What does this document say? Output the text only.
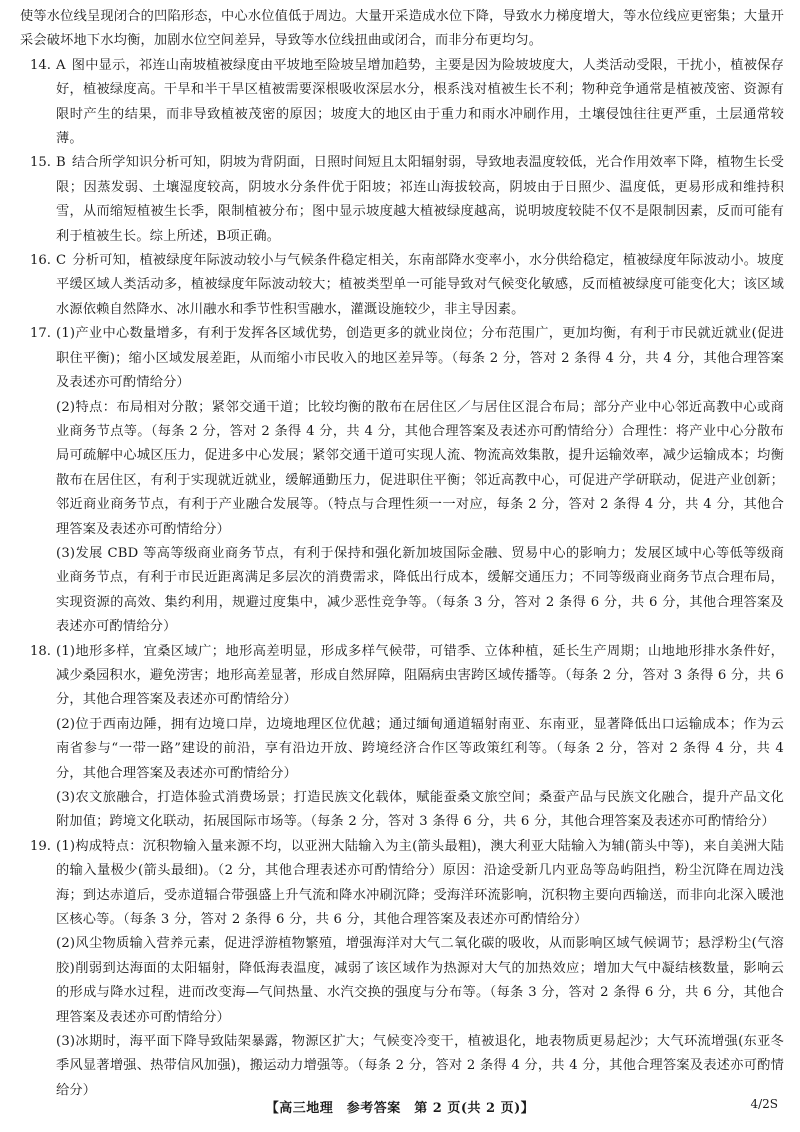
使等水位线呈现闭合的凹陷形态，中心水位值低于周边。大量开采造成水位下降，导致水力梯度增大，等水位线应更密集；大量开采会破坏地下水均衡，加剧水位空间差异，导致等水位线扭曲或闭合，而非分布更均匀。

14. A 图中显示，祁连山南坡植被绿度由平坡地至险坡呈增加趋势，主要是因为险坡坡度大，人类活动受限，干扰小，植被保存好，植被绿度高。干旱和半干旱区植被需要深根吸收深层水分，根系浅对植被生长不利；物种竞争通常是植被茂密、资源有限时产生的结果，而非导致植被茂密的原因；坡度大的地区由于重力和雨水冲刷作用，土壤侵蚀往往更严重，土层通常较薄。

15. B 结合所学知识分析可知，阴坡为背阴面，日照时间短且太阳辐射弱，导致地表温度较低，光合作用效率下降，植物生长受限；因蒸发弱、土壤湿度较高，阴坡水分条件优于阳坡；祁连山海拔较高，阴坡由于日照少、温度低，更易形成和维持积雪，从而缩短植被生长季，限制植被分布；图中显示坡度越大植被绿度越高，说明坡度较陡不仅不是限制因素，反而可能有利于植被生长。综上所述，B项正确。

16. C 分析可知，植被绿度年际波动较小与气候条件稳定相关，东南部降水变率小，水分供给稳定，植被绿度年际波动小。坡度平缓区域人类活动多，植被绿度年际波动较大；植被类型单一可能导致对气候变化敏感，反而植被绿度可能变化大；该区域水源依赖自然降水、冰川融水和季节性积雪融水，灌溉设施较少，非主导因素。

17. (1)产业中心数量增多，有利于发挥各区域优势，创造更多的就业岗位；分布范围广，更加均衡，有利于市民就近就业(促进职住平衡)；缩小区域发展差距，从而缩小市民收入的地区差异等。（每条 2 分，答对 2 条得 4 分，共 4 分，其他合理答案及表述亦可酌情给分）

(2)特点：布局相对分散；紧邻交通干道；比较均衡的散布在居住区／与居住区混合布局；部分产业中心邻近高教中心或商业商务节点等。（每条 2 分，答对 2 条得 4 分，共 4 分，其他合理答案及表述亦可酌情给分）合理性：将产业中心分散布局可疏解中心城区压力，促进多中心发展；紧邻交通干道可实现人流、物流高效集散，提升运输效率，减少运输成本；均衡散布在居住区，有利于实现就近就业，缓解通勤压力，促进职住平衡；邻近高教中心，可促进产学研联动，促进产业创新；邻近商业商务节点，有利于产业融合发展等。（特点与合理性须一一对应，每条 2 分，答对 2 条得 4 分，共 4 分，其他合理答案及表述亦可酌情给分）

(3)发展 CBD 等高等级商业商务节点，有利于保持和强化新加坡国际金融、贸易中心的影响力；发展区域中心等低等级商业商务节点，有利于市民近距离满足多层次的消费需求，降低出行成本，缓解交通压力；不同等级商业商务节点合理布局，实现资源的高效、集约利用，规避过度集中，减少恶性竞争等。（每条 3 分，答对 2 条得 6 分，共 6 分，其他合理答案及表述亦可酌情给分）

18. (1)地形多样，宜桑区域广；地形高差明显，形成多样气候带，可错季、立体种植，延长生产周期；山地地形排水条件好，减少桑园积水，避免涝害；地形高差显著，形成自然屏障，阻隔病虫害跨区域传播等。（每条 2 分，答对 3 条得 6 分，共 6 分，其他合理答案及表述亦可酌情给分）

(2)位于西南边陲，拥有边境口岸，边境地理区位优越；通过缅甸通道辐射南亚、东南亚，显著降低出口运输成本；作为云南省参与“一带一路”建设的前沿，享有沿边开放、跨境经济合作区等政策红利等。（每条 2 分，答对 2 条得 4 分，共 4 分，其他合理答案及表述亦可酌情给分）

(3)农文旅融合，打造体验式消费场景；打造民族文化载体，赋能蚕桑文旅空间；桑蚕产品与民族文化融合，提升产品文化附加值；跨境文化联动，拓展国际市场等。（每条 2 分，答对 3 条得 6 分，共 6 分，其他合理答案及表述亦可酌情给分）

19. (1)构成特点：沉积物输入量来源不均，以亚洲大陆输入为主(箭头最粗)，澳大利亚大陆输入为辅(箭头中等)，来自美洲大陆的输入量极少(箭头最细)。（2 分，其他合理表述亦可酌情给分）原因：沿途受新几内亚岛等岛屿阻挡，粉尘沉降在周边浅海；到达赤道后，受赤道辐合带强盛上升气流和降水冲刷沉降；受海洋环流影响，沉积物主要向西输送，而非向北深入暖池区核心等。（每条 3 分，答对 2 条得 6 分，共 6 分，其他合理答案及表述亦可酌情给分）

(2)风尘物质输入营养元素，促进浮游植物繁殖，增强海洋对大气二氧化碳的吸收，从而影响区域气候调节；悬浮粉尘(气溶胶)削弱到达海面的太阳辐射，降低海表温度，减弱了该区域作为热源对大气的加热效应；增加大气中凝结核数量，影响云的形成与降水过程，进而改变海—气间热量、水汽交换的强度与分布等。（每条 3 分，答对 2 条得 6 分，共 6 分，其他合理答案及表述亦可酌情给分）

(3)冰期时，海平面下降导致陆架暴露，物源区扩大；气候变冷变干，植被退化，地表物质更易起沙；大气环流增强(东亚冬季风显著增强、热带信风加强)，搬运动力增强等。（每条 2 分，答对 2 条得 4 分，共 4 分，其他合理答案及表述亦可酌情给分）

【高三地理　参考答案　第 2 页(共 2 页)】	4/2S
